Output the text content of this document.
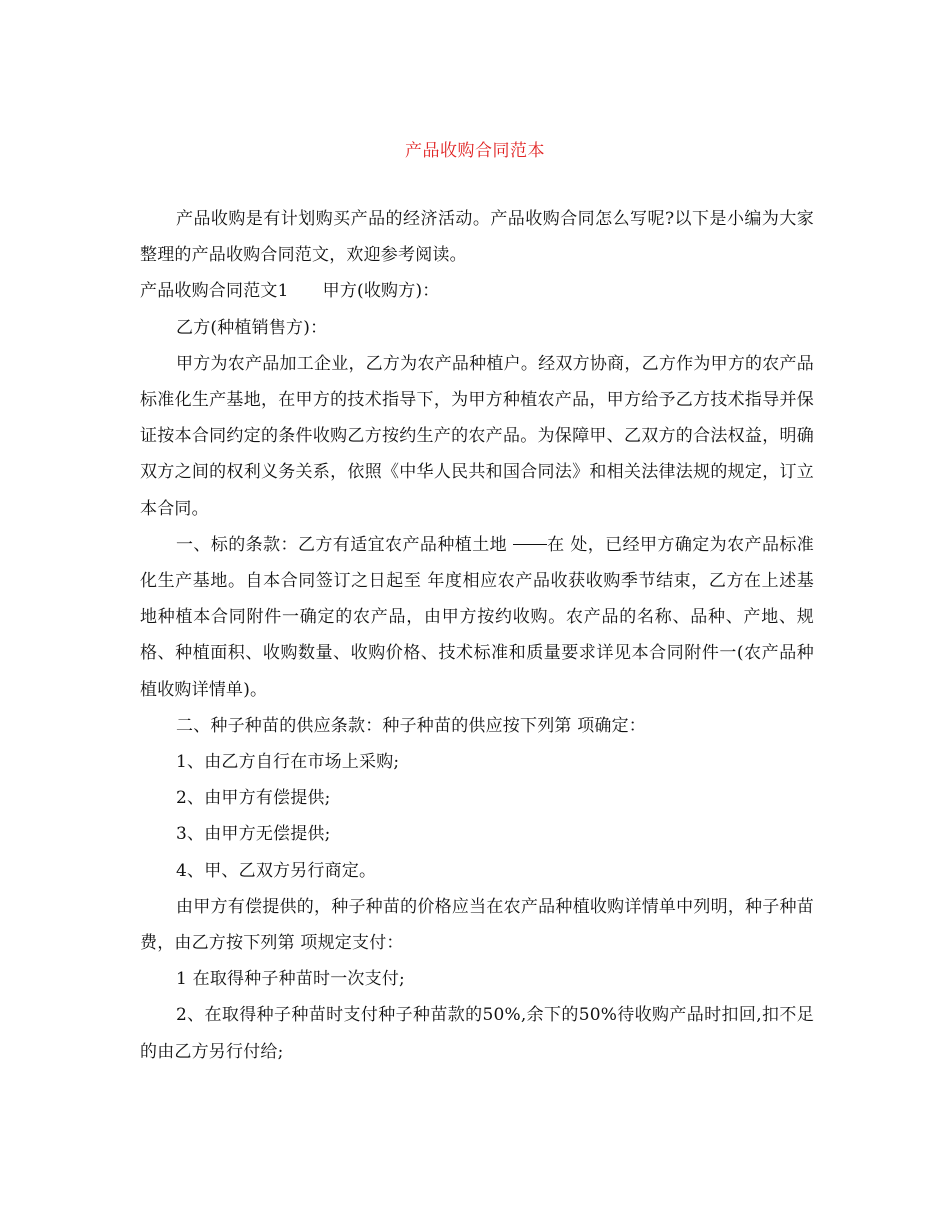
产品收购合同范本

产品收购是有计划购买产品的经济活动。产品收购合同怎么写呢?以下是小编为大家整理的产品收购合同范文，欢迎参考阅读。

产品收购合同范文1 甲方(收购方)：

乙方(种植销售方)：

甲方为农产品加工企业，乙方为农产品种植户。经双方协商，乙方作为甲方的农产品标准化生产基地，在甲方的技术指导下，为甲方种植农产品，甲方给予乙方技术指导并保证按本合同约定的条件收购乙方按约生产的农产品。为保障甲、乙双方的合法权益，明确双方之间的权利义务关系，依照《中华人民共和国合同法》和相关法律法规的规定，订立本合同。

一、标的条款：乙方有适宜农产品种植土地 在 处，已经甲方确定为农产品标准化生产基地。自本合同签订之日起至 年度相应农产品收获收购季节结束，乙方在上述基地种植本合同附件一确定的农产品，由甲方按约收购。农产品的名称、品种、产地、规格、种植面积、收购数量、收购价格、技术标准和质量要求详见本合同附件一(农产品种植收购详情单)。

二、种子种苗的供应条款：种子种苗的供应按下列第 项确定：

1、由乙方自行在市场上采购;

2、由甲方有偿提供;

3、由甲方无偿提供;

4、甲、乙双方另行商定。

由甲方有偿提供的，种子种苗的价格应当在农产品种植收购详情单中列明，种子种苗费，由乙方按下列第 项规定支付：

1 在取得种子种苗时一次支付;

2、在取得种子种苗时支付种子种苗款的50%,余下的50%待收购产品时扣回,扣不足的由乙方另行付给;
